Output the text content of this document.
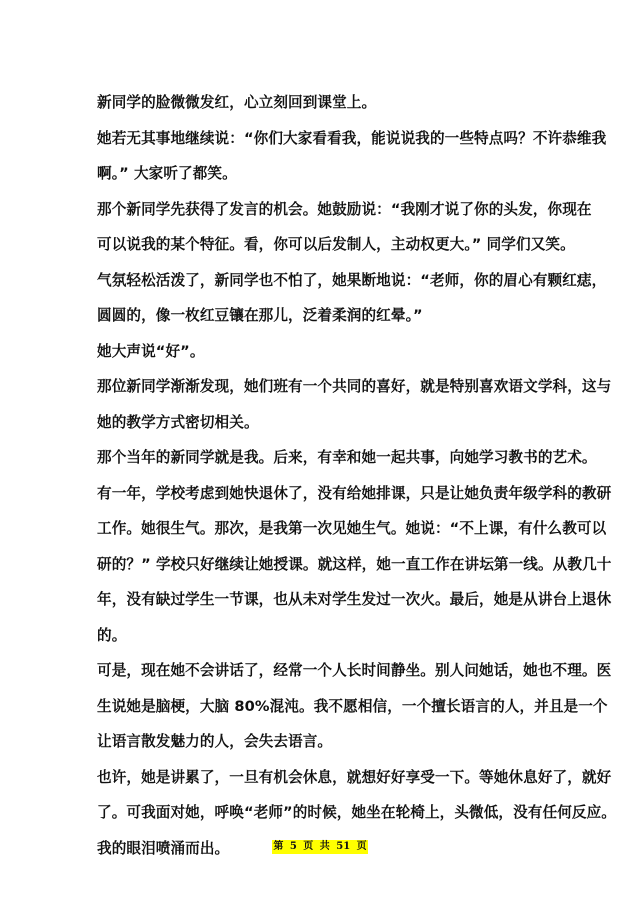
新同学的脸微微发红，心立刻回到课堂上。

她若无其事地继续说：“你们大家看看我，能说说我的一些特点吗？不许恭维我
啊。” 大家听了都笑。

那个新同学先获得了发言的机会。她鼓励说：“我刚才说了你的头发，你现在
可以说我的某个特征。看，你可以后发制人，主动权更大。” 同学们又笑。

气氛轻松活泼了，新同学也不怕了，她果断地说：“老师，你的眉心有颗红痣，
圆圆的，像一枚红豆镶在那儿，泛着柔润的红晕。”

她大声说“好”。

那位新同学渐渐发现，她们班有一个共同的喜好，就是特别喜欢语文学科，这与
她的教学方式密切相关。

那个当年的新同学就是我。后来，有幸和她一起共事，向她学习教书的艺术。

有一年，学校考虑到她快退休了，没有给她排课，只是让她负责年级学科的教研
工作。她很生气。那次，是我第一次见她生气。她说：“不上课，有什么教可以
研的？” 学校只好继续让她授课。就这样，她一直工作在讲坛第一线。从教几十
年，没有缺过学生一节课，也从未对学生发过一次火。最后，她是从讲台上退休
的。

可是，现在她不会讲话了，经常一个人长时间静坐。别人问她话，她也不理。医
生说她是脑梗，大脑 80%混沌。我不愿相信，一个擅长语言的人，并且是一个
让语言散发魅力的人，会失去语言。

也许，她是讲累了，一旦有机会休息，就想好好享受一下。等她休息好了，就好
了。可我面对她，呼唤“老师”的时候，她坐在轮椅上，头微低，没有任何反应。
我的眼泪喷涌而出。	第 5 页 共 51 页
